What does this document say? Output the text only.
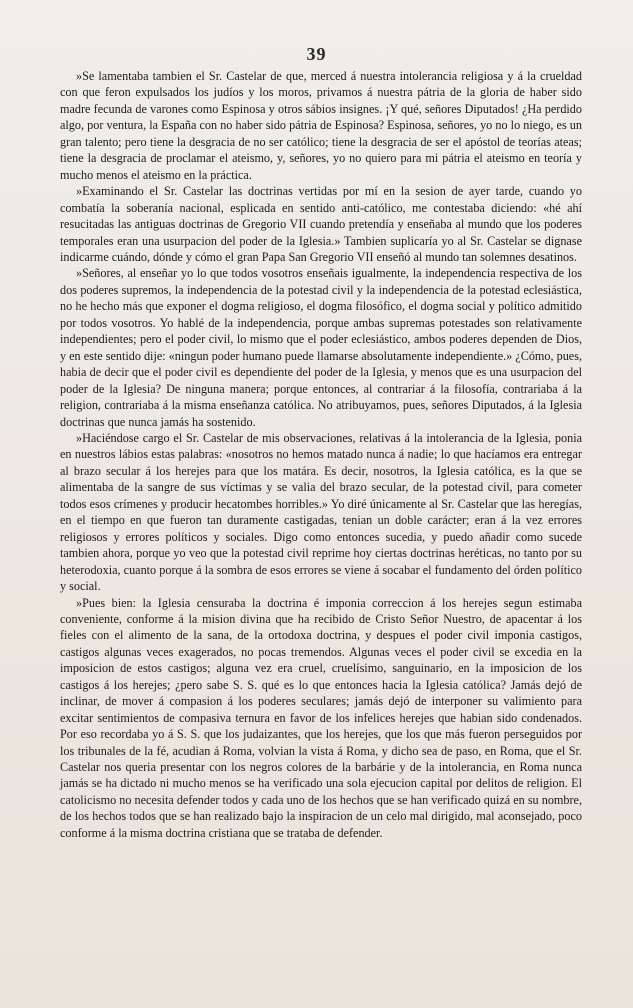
39

»Se lamentaba tambien el Sr. Castelar de que, merced á nuestra intolerancia religiosa y á la crueldad con que feron expulsados los judíos y los moros, privamos á nuestra pátria de la gloria de haber sido madre fecunda de varones como Espinosa y otros sábios insignes. ¡Y qué, señores Diputados! ¿Ha perdido algo, por ventura, la España con no haber sido pátria de Espinosa? Espinosa, señores, yo no lo niego, es un gran talento; pero tiene la desgracia de no ser católico; tiene la desgracia de ser el apóstol de teorías ateas; tiene la desgracia de proclamar el ateismo, y, señores, yo no quiero para mi pátria el ateismo en teoría y mucho menos el ateismo en la práctica.

»Examinando el Sr. Castelar las doctrinas vertidas por mí en la sesion de ayer tarde, cuando yo combatía la soberanía nacional, esplicada en sentido anti-católico, me contestaba diciendo: «hé ahí resucitadas las antiguas doctrinas de Gregorio VII cuando pretendía y enseñaba al mundo que los poderes temporales eran una usurpacion del poder de la Iglesia.» Tambien suplicaría yo al Sr. Castelar se dignase indicarme cuándo, dónde y cómo el gran Papa San Gregorio VII enseñó al mundo tan solemnes desatinos.

»Señores, al enseñar yo lo que todos vosotros enseñais igualmente, la independencia respectiva de los dos poderes supremos, la independencia de la potestad civil y la independencia de la potestad eclesiástica, no he hecho más que exponer el dogma religioso, el dogma filosófico, el dogma social y político admitido por todos vosotros. Yo hablé de la independencia, porque ambas supremas potestades son relativamente independientes; pero el poder civil, lo mismo que el poder eclesiástico, ambos poderes dependen de Dios, y en este sentido dije: «ningun poder humano puede llamarse absolutamente independiente.» ¿Cómo, pues, habia de decir que el poder civil es dependiente del poder de la Iglesia, y menos que es una usurpacion del poder de la Iglesia? De ninguna manera; porque entonces, al contrariar á la filosofía, contrariaba á la religion, contrariaba á la misma enseñanza católica. No atribuyamos, pues, señores Diputados, á la Iglesia doctrinas que nunca jamás ha sostenido.

»Haciéndose cargo el Sr. Castelar de mis observaciones, relativas á la intolerancia de la Iglesia, ponia en nuestros lábios estas palabras: «nosotros no hemos matado nunca á nadie; lo que hacíamos era entregar al brazo secular á los herejes para que los matára. Es decir, nosotros, la Iglesia católica, es la que se alimentaba de la sangre de sus víctimas y se valia del brazo secular, de la potestad civil, para cometer todos esos crímenes y producir hecatombes horribles.» Yo diré únicamente al Sr. Castelar que las heregías, en el tiempo en que fueron tan duramente castigadas, tenian un doble carácter; eran á la vez errores religiosos y errores políticos y sociales. Digo como entonces sucedia, y puedo añadir como sucede tambien ahora, porque yo veo que la potestad civil reprime hoy ciertas doctrinas heréticas, no tanto por su heterodoxia, cuanto porque á la sombra de esos errores se viene á socabar el fundamento del órden político y social.

»Pues bien: la Iglesia censuraba la doctrina é imponia correccion á los herejes segun estimaba conveniente, conforme á la mision divina que ha recibido de Cristo Señor Nuestro, de apacentar á los fieles con el alimento de la sana, de la ortodoxa doctrina, y despues el poder civil imponia castigos, castigos algunas veces exagerados, no pocas tremendos. Algunas veces el poder civil se excedia en la imposicion de estos castigos; alguna vez era cruel, cruelísimo, sanguinario, en la imposicion de los castigos á los herejes; ¿pero sabe S. S. qué es lo que entonces hacia la Iglesia católica? Jamás dejó de inclinar, de mover á compasion á los poderes seculares; jamás dejó de interponer su valimiento para excitar sentimientos de compasiva ternura en favor de los infelices herejes que habian sido condenados. Por eso recordaba yo á S. S. que los judaizantes, que los herejes, que los que más fueron perseguidos por los tribunales de la fé, acudian á Roma, volvian la vista á Roma, y dicho sea de paso, en Roma, que el Sr. Castelar nos queria presentar con los negros colores de la barbárie y de la intolerancia, en Roma nunca jamás se ha dictado ni mucho menos se ha verificado una sola ejecucion capital por delitos de religion. El catolicismo no necesita defender todos y cada uno de los hechos que se han verificado quizá en su nombre, de los hechos todos que se han realizado bajo la inspiracion de un celo mal dirigido, mal aconsejado, poco conforme á la misma doctrina cristiana que se trataba de defender.
